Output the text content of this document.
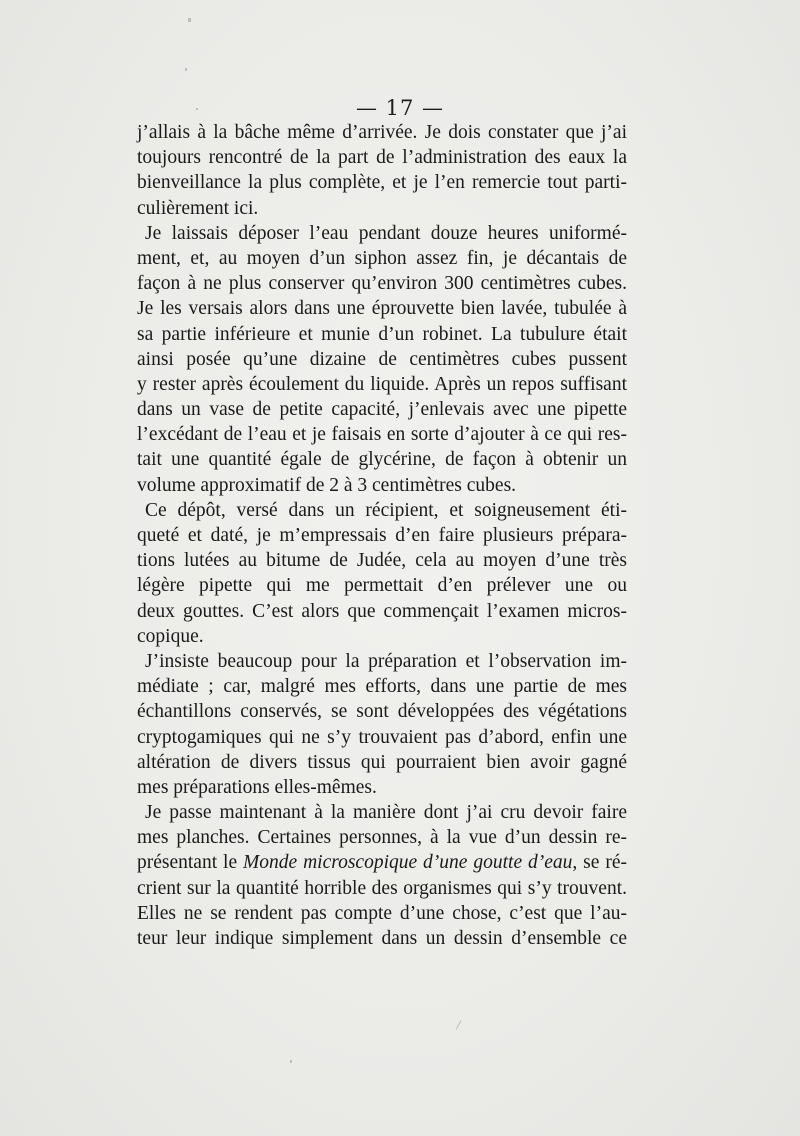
— 17 —
j’allais à la bâche même d’arrivée. Je dois constater que j’ai
toujours rencontré de la part de l’administration des eaux la
bienveillance la plus complète, et je l’en remercie tout parti-
culièrement ici.
Je laissais déposer l’eau pendant douze heures uniformé-
ment, et, au moyen d’un siphon assez fin, je décantais de
façon à ne plus conserver qu’environ 300 centimètres cubes.
Je les versais alors dans une éprouvette bien lavée, tubulée à
sa partie inférieure et munie d’un robinet. La tubulure était
ainsi posée qu’une dizaine de centimètres cubes pussent
y rester après écoulement du liquide. Après un repos suffisant
dans un vase de petite capacité, j’enlevais avec une pipette
l’excédant de l’eau et je faisais en sorte d’ajouter à ce qui res-
tait une quantité égale de glycérine, de façon à obtenir un
volume approximatif de 2 à 3 centimètres cubes.
Ce dépôt, versé dans un récipient, et soigneusement éti-
queté et daté, je m’empressais d’en faire plusieurs prépara-
tions lutées au bitume de Judée, cela au moyen d’une très
légère pipette qui me permettait d’en prélever une ou
deux gouttes. C’est alors que commençait l’examen micros-
copique.
J’insiste beaucoup pour la préparation et l’observation im-
médiate ; car, malgré mes efforts, dans une partie de mes
échantillons conservés, se sont développées des végétations
cryptogamiques qui ne s’y trouvaient pas d’abord, enfin une
altération de divers tissus qui pourraient bien avoir gagné
mes préparations elles-mêmes.
Je passe maintenant à la manière dont j’ai cru devoir faire
mes planches. Certaines personnes, à la vue d’un dessin re-
présentant le Monde microscopique d’une goutte d’eau, se ré-
crient sur la quantité horrible des organismes qui s’y trouvent.
Elles ne se rendent pas compte d’une chose, c’est que l’au-
teur leur indique simplement dans un dessin d’ensemble ce
